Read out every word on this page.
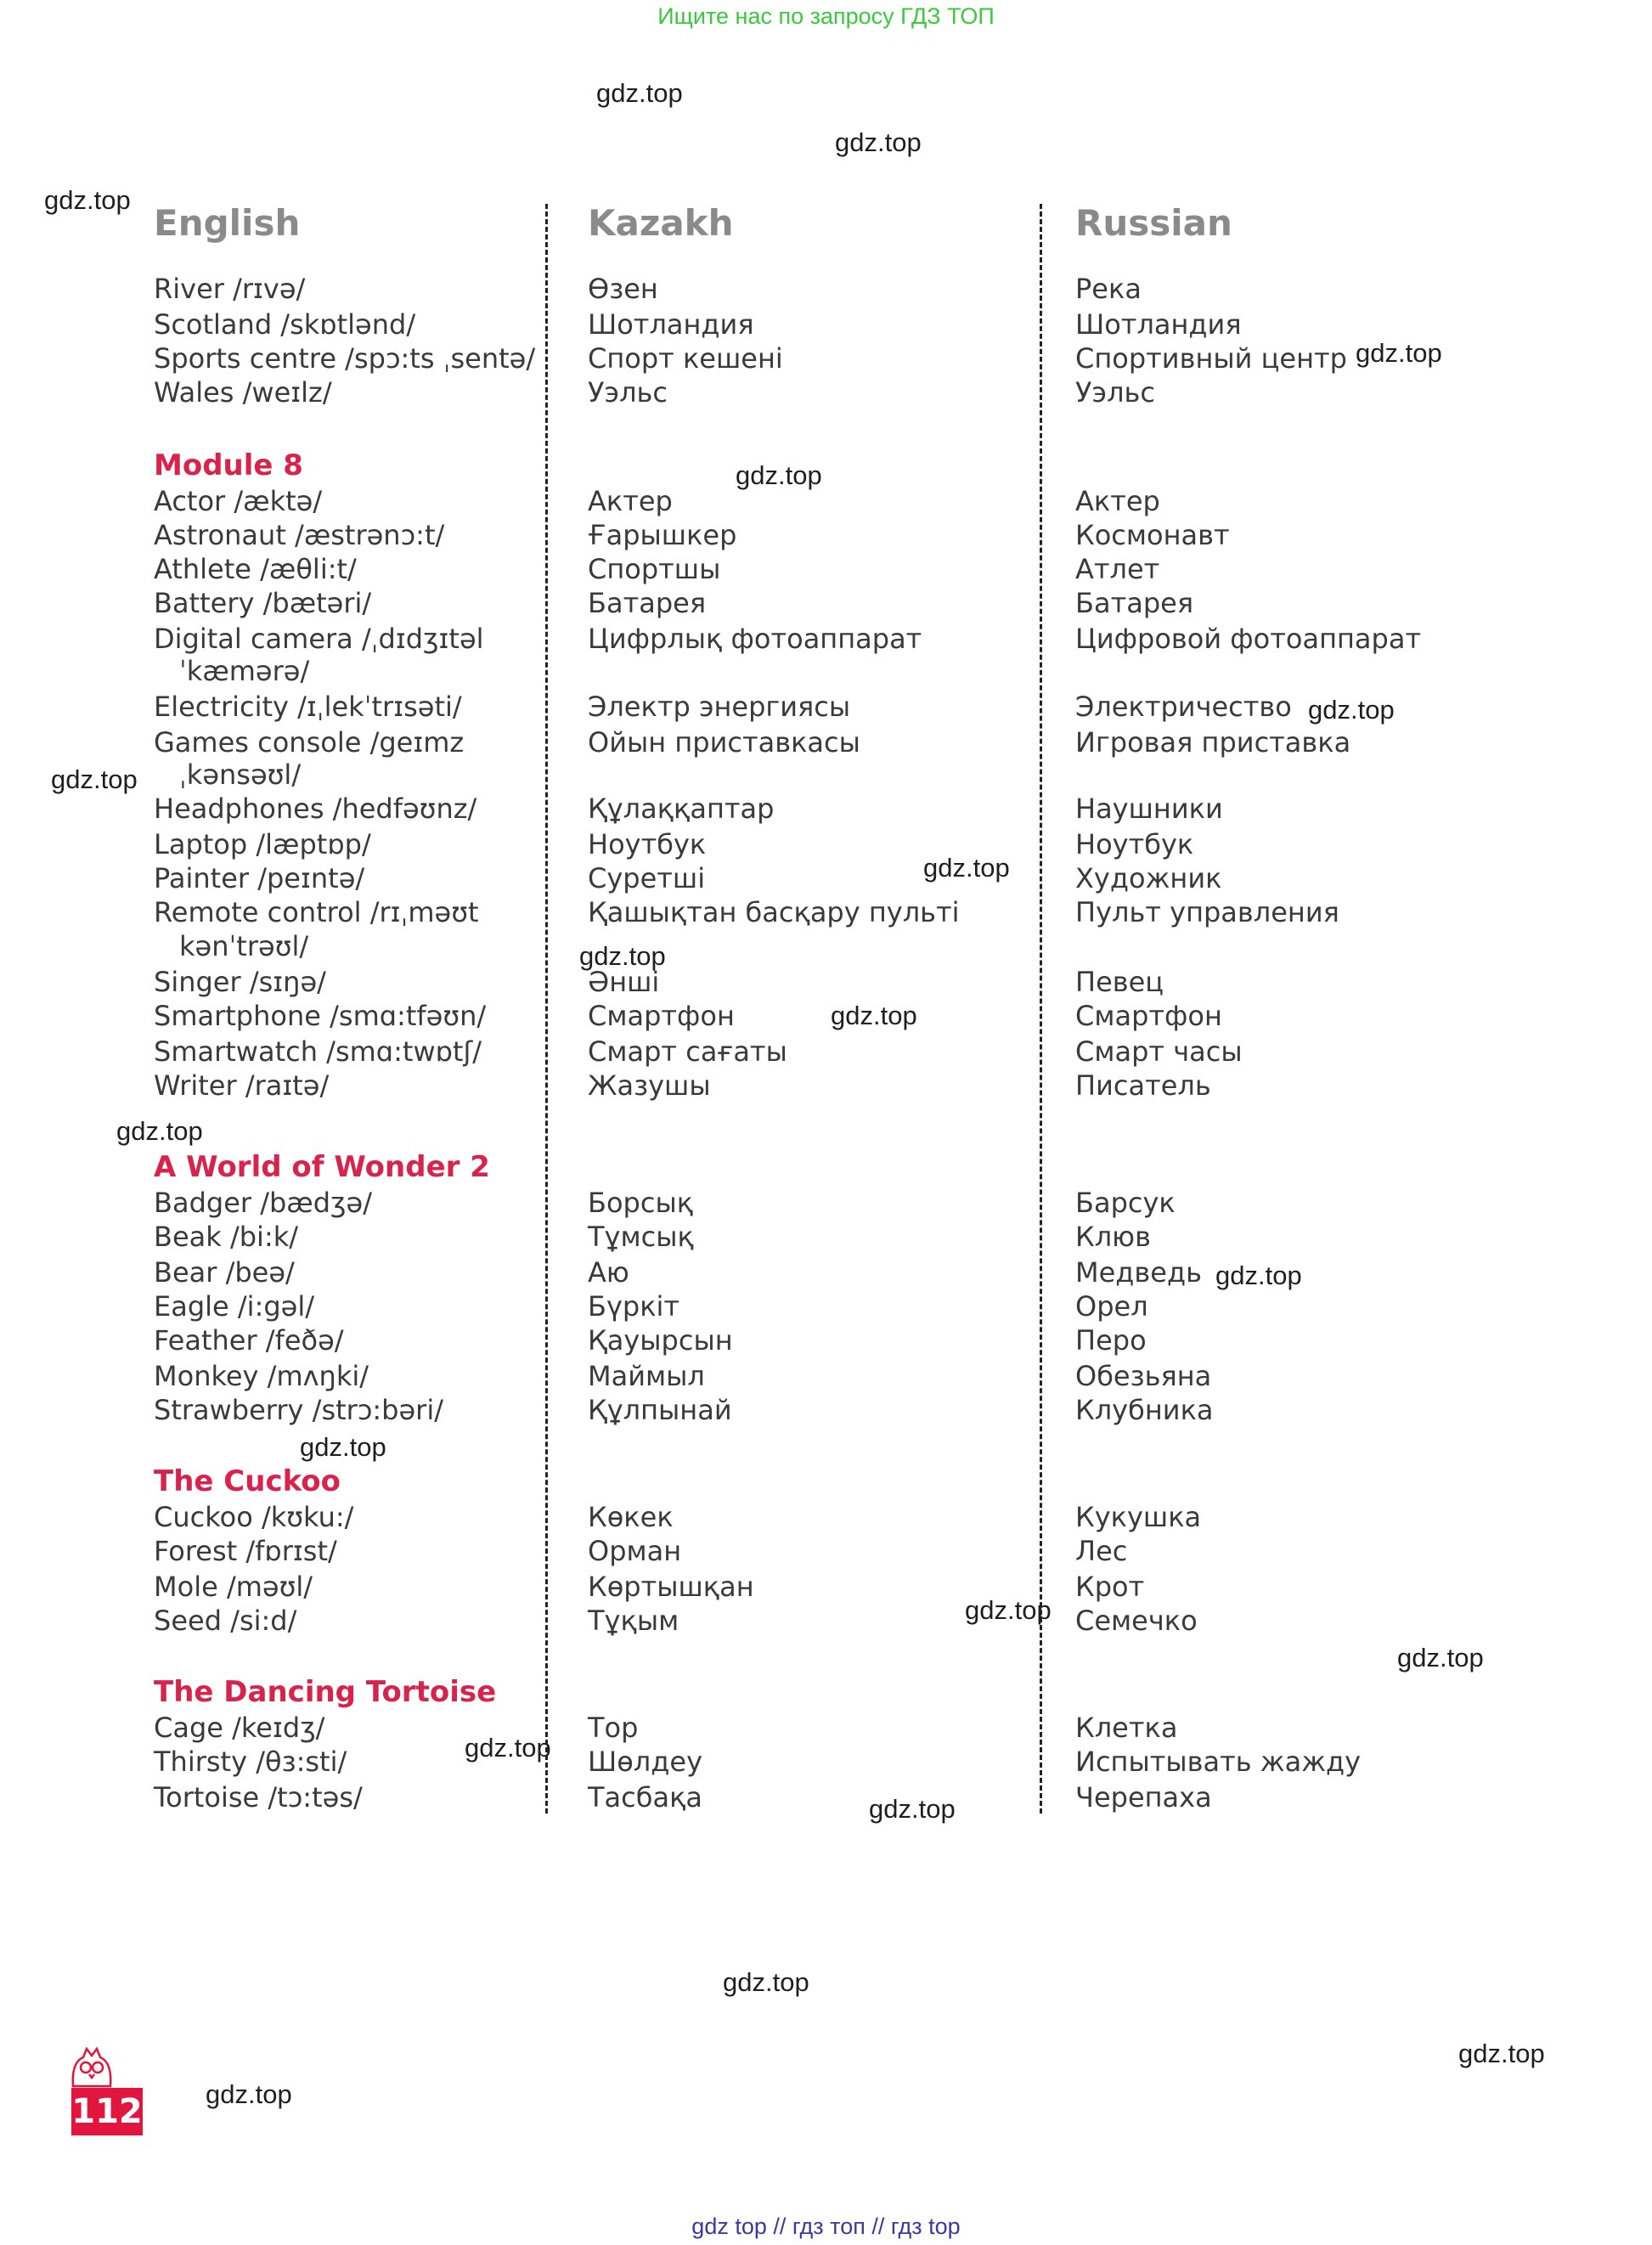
Ищите нас по запросу ГДЗ ТОП
English
River /rɪvə/
Scotland /skɒtlənd/
Sports centre /spɔ:ts ˌsentə/
Wales /weɪlz/
Module 8
Actor /æktə/
Astronaut /æstrənɔ:t/
Athlete /æθli:t/
Battery /bætəri/
Digital camera /ˌdɪdʒɪtəl
ˈkæmərə/
Electricity /ɪˌlekˈtrɪsəti/
Games console /geɪmz
ˌkənsəʊl/
Headphones /hedfəʊnz/
Laptop /læptɒp/
Painter /peɪntə/
Remote control /rɪˌməʊt
kənˈtrəʊl/
Singer /sɪŋə/
Smartphone /smɑ:tfəʊn/
Smartwatch /smɑ:twɒtʃ/
Writer /raɪtə/
A World of Wonder 2
Badger /bædʒə/
Beak /bi:k/
Bear /beə/
Eagle /i:gəl/
Feather /feðə/
Monkey /mʌŋki/
Strawberry /strɔ:bəri/
The Cuckoo
Cuckoo /kʊku:/
Forest /fɒrɪst/
Mole /məʊl/
Seed /si:d/
The Dancing Tortoise
Cage /keɪdʒ/
Thirsty /θɜ:sti/
Tortoise /tɔ:təs/
Kazakh
Өзен
Шотландия
Спорт кешені
Уэльс
Актер
Ғарышкер
Спортшы
Батарея
Цифрлық фотоаппарат
Электр энергиясы
Ойын приставкасы
Құлаққаптар
Ноутбук
Суретші
Қашықтан басқару пульті
Әнші
Смартфон
Смарт сағаты
Жазушы
Борсық
Тұмсық
Аю
Бүркіт
Қауырсын
Маймыл
Құлпынай
Көкек
Орман
Көртышқан
Тұқым
Тор
Шөлдеу
Тасбақа
Russian
Река
Шотландия
Спортивный центр
Уэльс
Актер
Космонавт
Атлет
Батарея
Цифровой фотоаппарат
Электричество
Игровая приставка
Наушники
Ноутбук
Художник
Пульт управления
Певец
Смартфон
Смарт часы
Писатель
Барсук
Клюв
Медведь
Орел
Перо
Обезьяна
Клубника
Кукушка
Лес
Крот
Семечко
Клетка
Испытывать жажду
Черепаха
gdz.top
gdz.top
gdz.top
gdz.top
gdz.top
gdz.top
gdz.top
gdz.top
gdz.top
gdz.top
gdz.top
gdz.top
gdz.top
gdz.top
gdz.top
gdz.top
gdz.top
gdz.top
gdz.top
gdz.top
112
gdz top // гдз топ // гдз top
